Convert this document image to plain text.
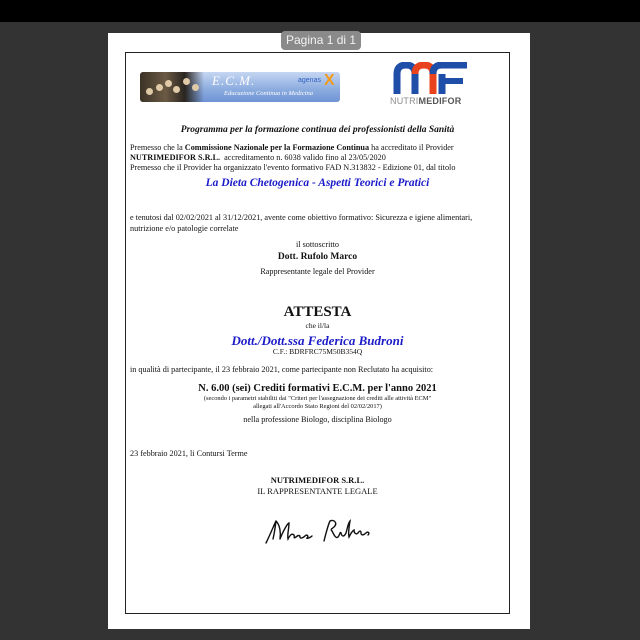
Pagina 1 di 1
E.C.M.
Educazione Continua in Medicina
agenas X
NUTRIMEDIFOR
Programma per la formazione continua dei professionisti della Sanità
Premesso che la Commissione Nazionale per la Formazione Continua ha accreditato il Provider
NUTRIMEDIFOR S.R.L.  accreditamento n. 6038 valido fino al 23/05/2020
Premesso che il Provider ha organizzato l'evento formativo FAD N.313832 - Edizione 01, dal titolo
La Dieta Chetogenica - Aspetti Teorici e Pratici
e tenutosi dal 02/02/2021 al 31/12/2021, avente come obiettivo formativo: Sicurezza e igiene alimentari,
nutrizione e/o patologie correlate
il sottoscritto
Dott. Rufolo Marco
Rappresentante legale del Provider
ATTESTA
che il/la
Dott./Dott.ssa Federica Budroni
C.F.: BDRFRC75M50B354Q
in qualità di partecipante, il 23 febbraio 2021, come partecipante non Reclutato ha acquisito:
N. 6.00 (sei) Crediti formativi E.C.M. per l'anno 2021
(secondo i parametri stabiliti dai "Criteri per l'assegnazione dei crediti alle attività ECM"
allegati all'Accordo Stato Regioni del 02/02/2017)
nella professione Biologo, disciplina Biologo
23 febbraio 2021, li Contursi Terme
NUTRIMEDIFOR S.R.L.
IL RAPPRESENTANTE LEGALE
